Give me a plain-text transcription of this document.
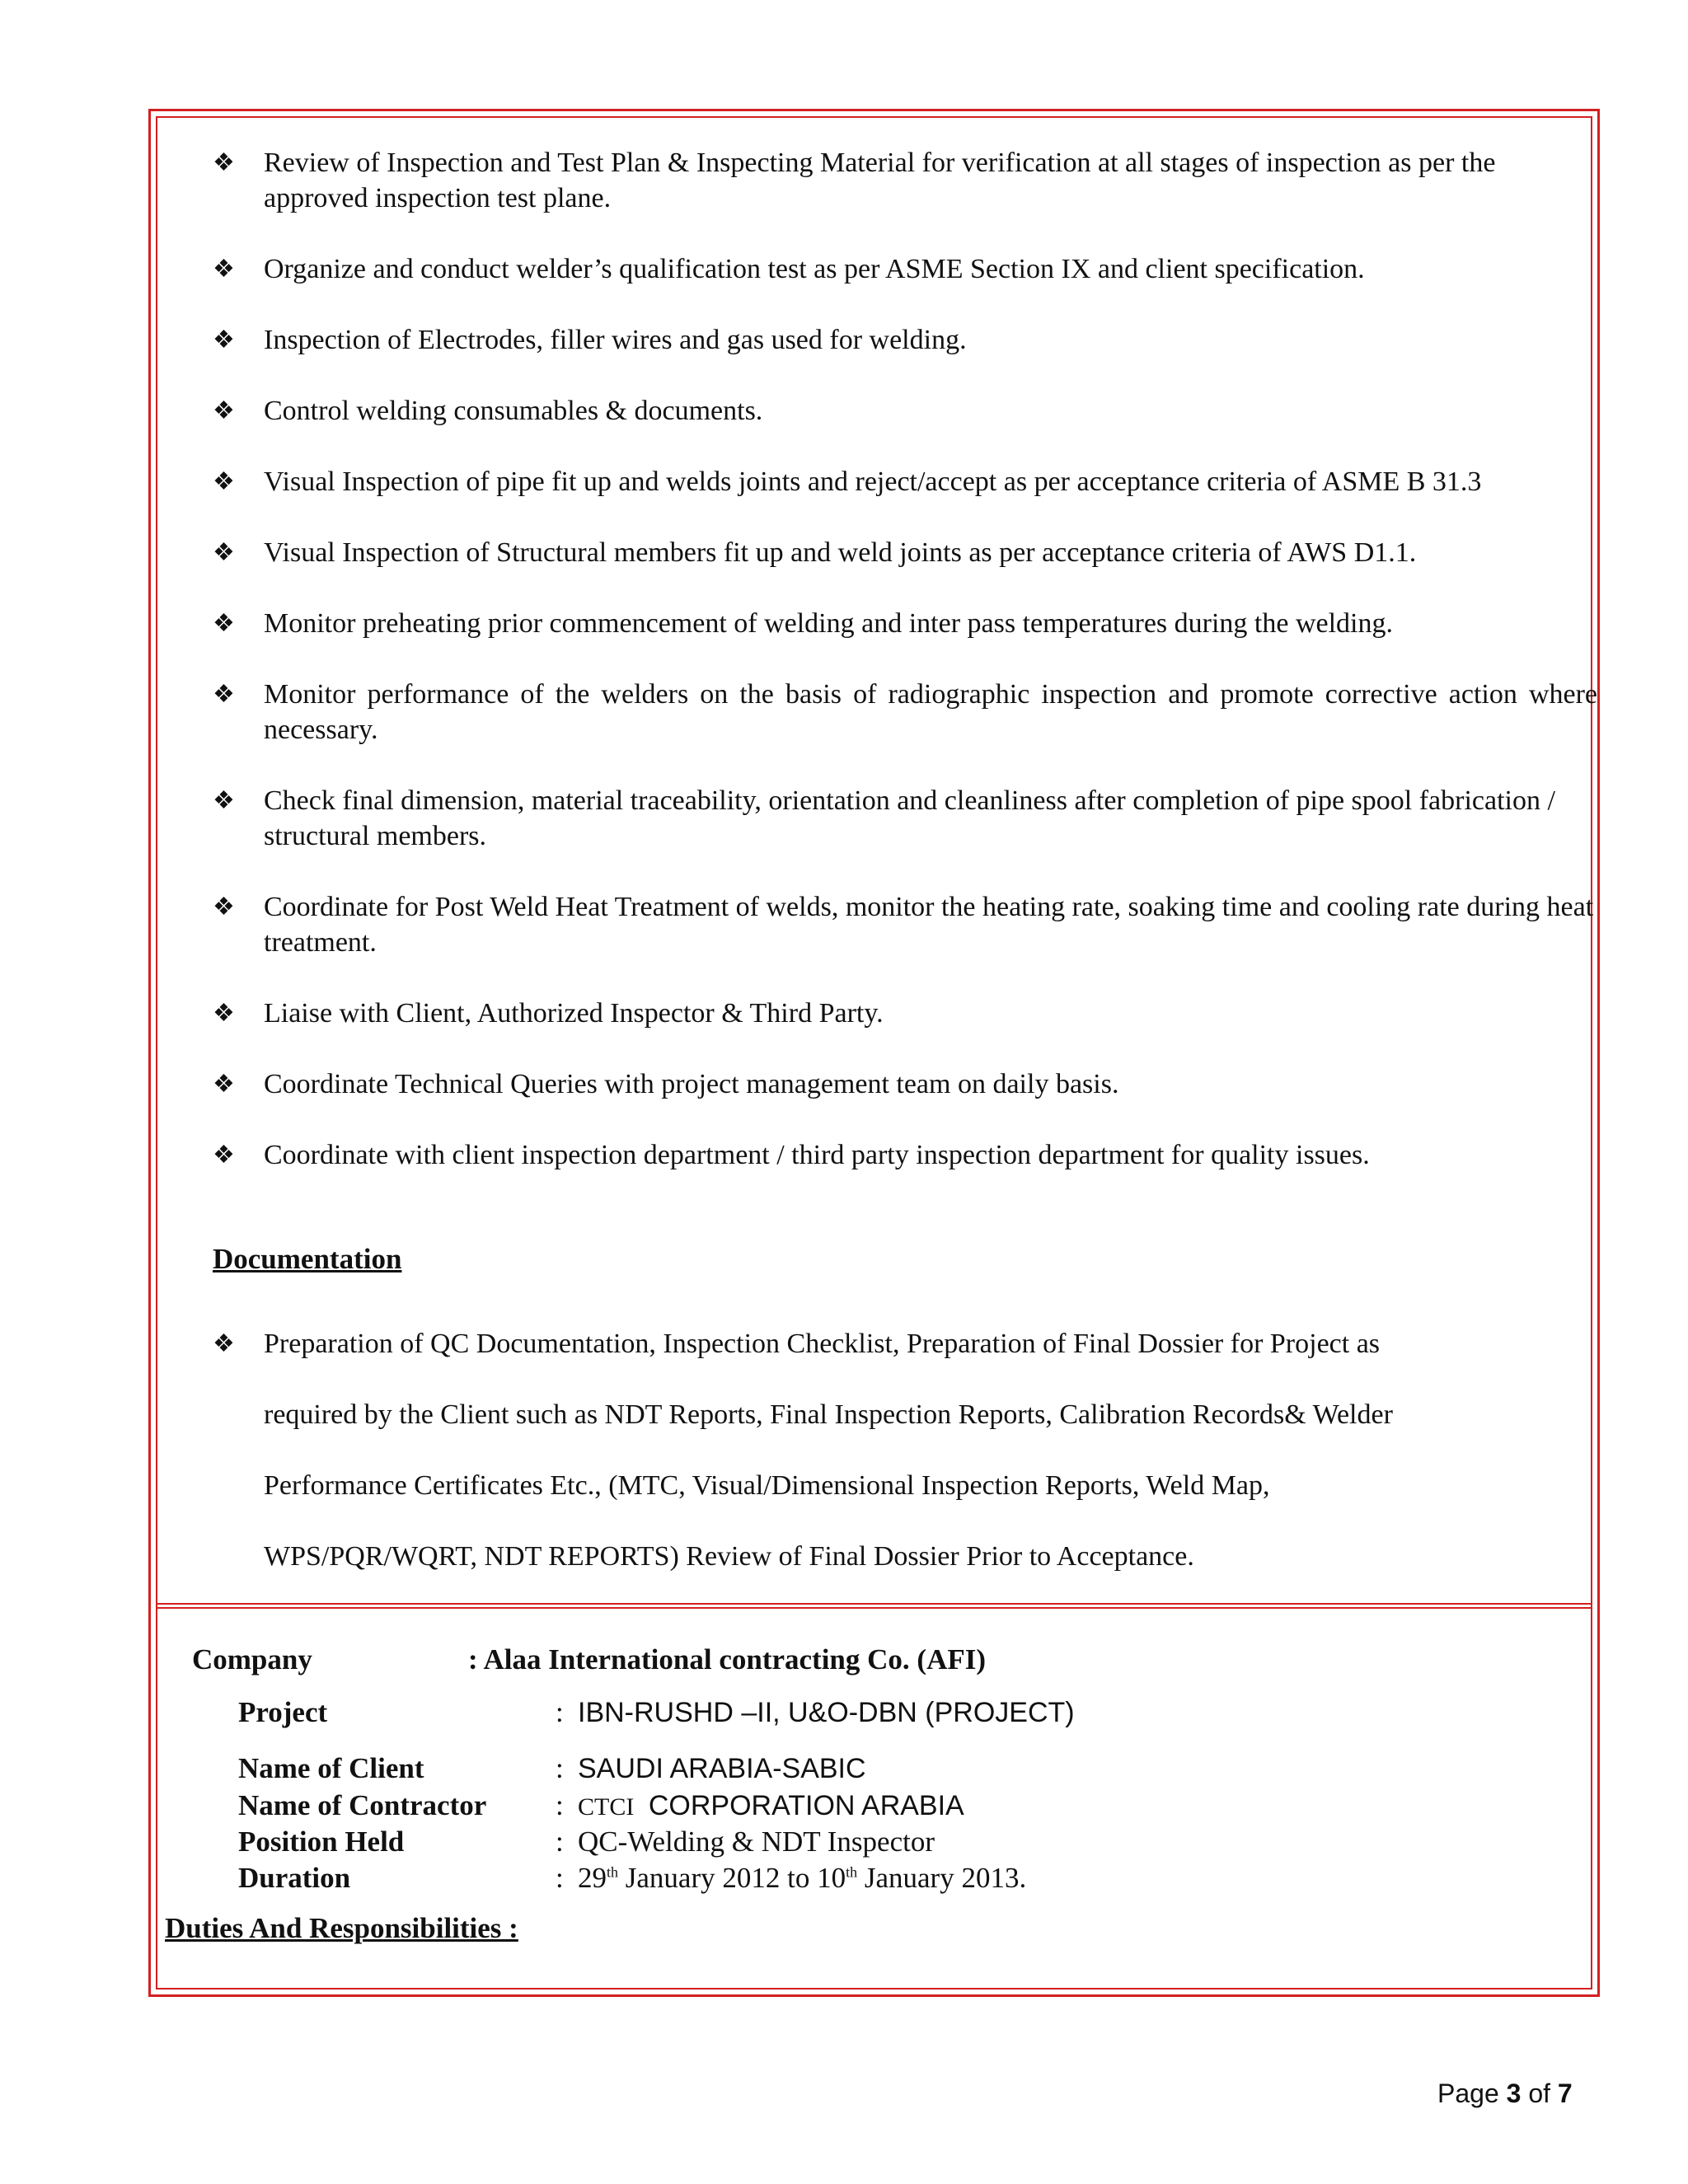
❖	Review of Inspection and Test Plan & Inspecting Material for verification at all stages of inspection as per the approved inspection test plane.
❖	Organize and conduct welder’s qualification test as per ASME Section IX and client specification.
❖	Inspection of Electrodes, filler wires and gas used for welding.
❖	Control welding consumables & documents.
❖	Visual Inspection of pipe fit up and welds joints and reject/accept as per acceptance criteria of ASME B 31.3
❖	Visual Inspection of Structural members fit up and weld joints as per acceptance criteria of AWS D1.1.
❖	Monitor preheating prior commencement of welding and inter pass temperatures during the welding.
❖	Monitor performance of the welders on the basis of radiographic inspection and promote corrective action where necessary.
❖	Check final dimension, material traceability, orientation and cleanliness after completion of pipe spool fabrication / structural members.
❖	Coordinate for Post Weld Heat Treatment of welds, monitor the heating rate, soaking time and cooling rate during heat treatment.
❖	Liaise with Client, Authorized Inspector & Third Party.
❖	Coordinate Technical Queries with project management team on daily basis.
❖	Coordinate with client inspection department / third party inspection department for quality issues.
Documentation
❖	Preparation of QC Documentation, Inspection Checklist, Preparation of Final Dossier for Project as
required by the Client such as NDT Reports, Final Inspection Reports, Calibration Records& Welder
Performance Certificates Etc., (MTC, Visual/Dimensional Inspection Reports, Weld Map,
WPS/PQR/WQRT, NDT REPORTS) Review of Final Dossier Prior to Acceptance.
Company	: Alaa International contracting Co. (AFI)
Project	: IBN-RUSHD –II, U&O-DBN (PROJECT)
Name of Client	: SAUDI ARABIA-SABIC
Name of Contractor : CTCI CORPORATION ARABIA
Position Held	: QC-Welding & NDT Inspector
Duration	: 29th January 2012 to 10th January 2013.
Duties And Responsibilities :
Page 3 of 7
